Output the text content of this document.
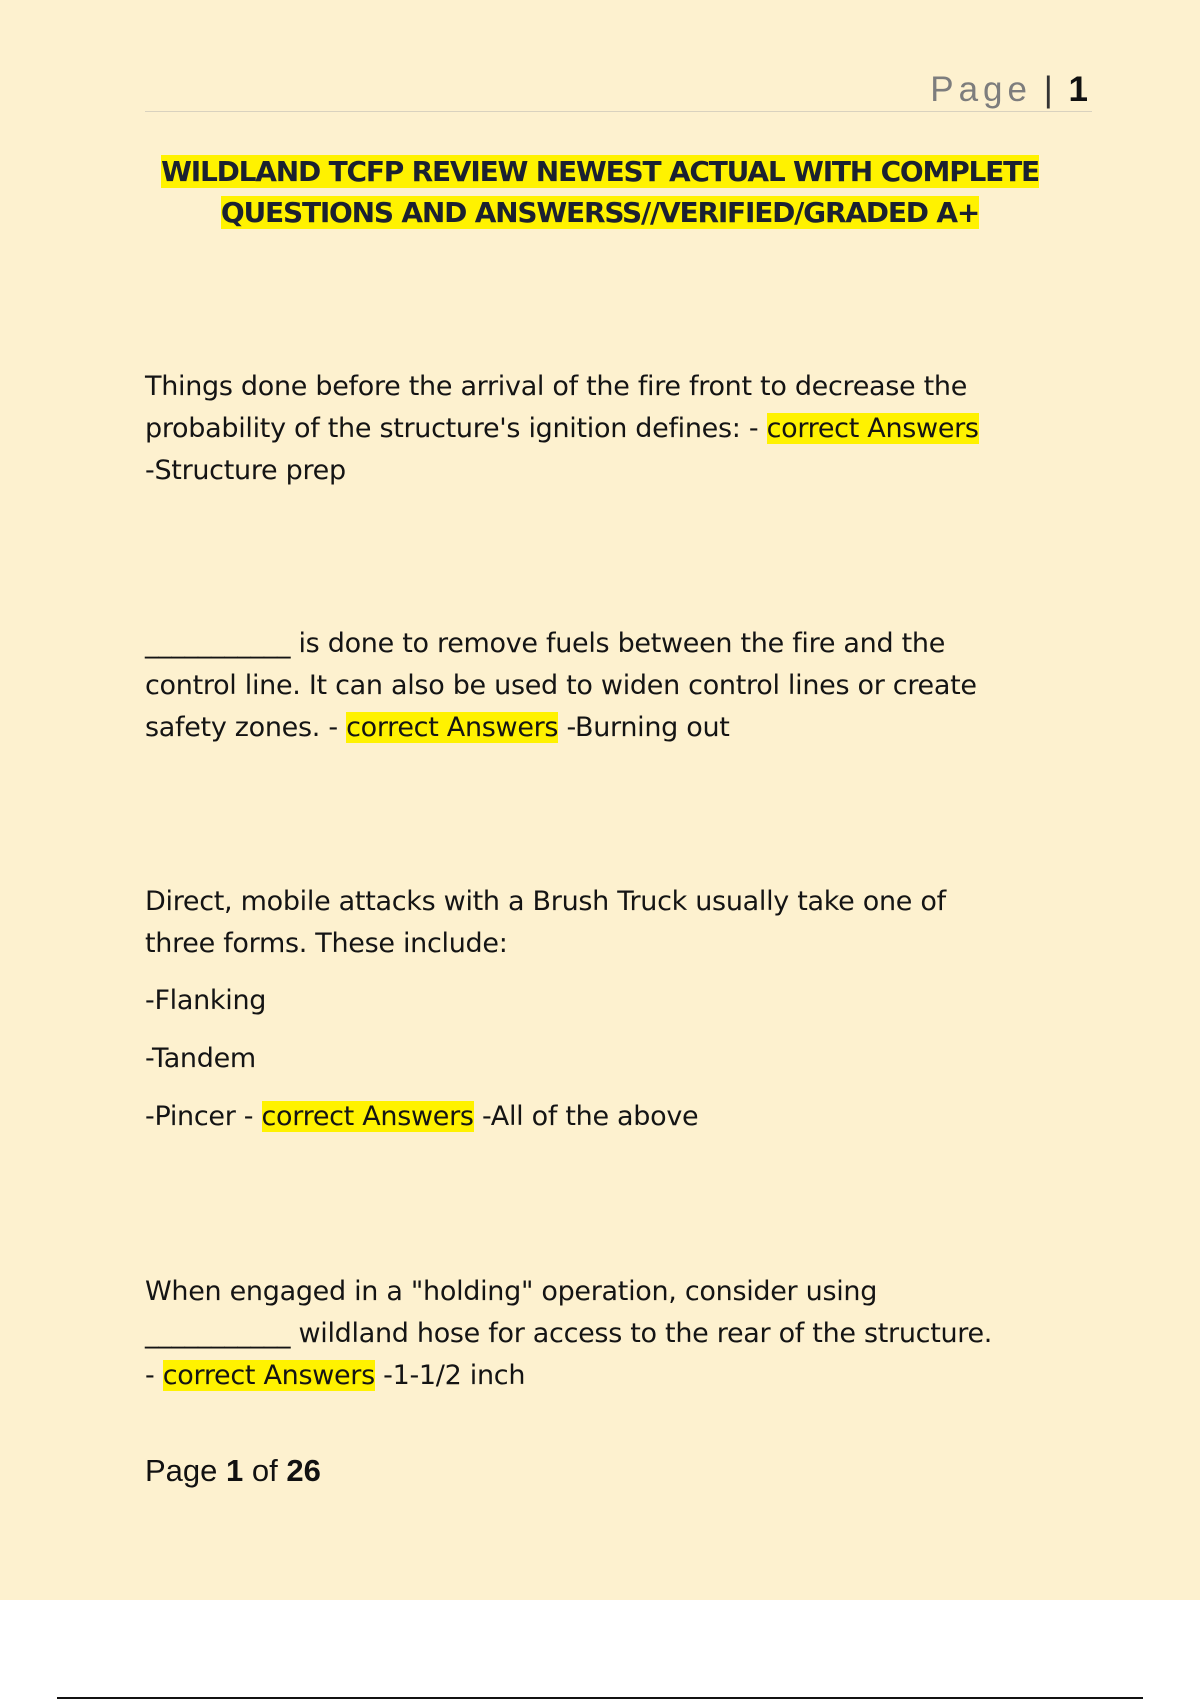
Page | 1
WILDLAND TCFP REVIEW NEWEST ACTUAL WITH COMPLETE
QUESTIONS AND ANSWERSS//VERIFIED/GRADED A+
Things done before the arrival of the fire front to decrease the
probability of the structure's ignition defines: - correct Answers
-Structure prep
___________ is done to remove fuels between the fire and the
control line. It can also be used to widen control lines or create
safety zones. - correct Answers -Burning out
Direct, mobile attacks with a Brush Truck usually take one of
three forms. These include:
-Flanking
-Tandem
-Pincer - correct Answers -All of the above
When engaged in a "holding" operation, consider using
___________ wildland hose for access to the rear of the structure.
- correct Answers -1-1/2 inch
Page 1 of 26
